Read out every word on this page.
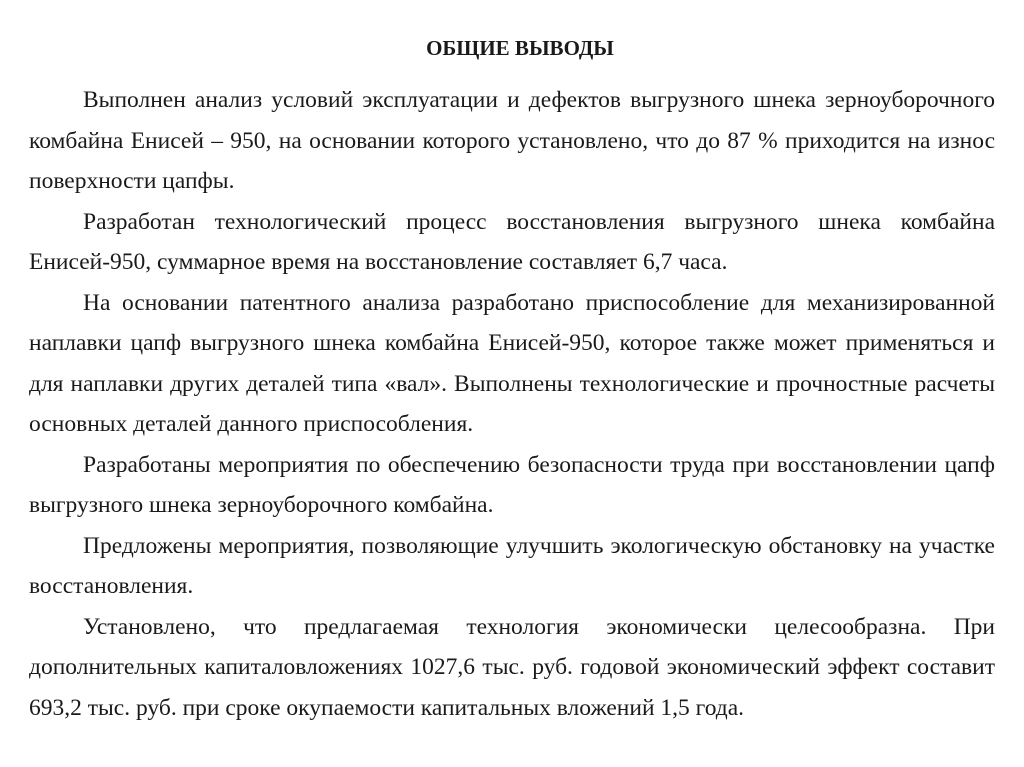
ОБЩИЕ ВЫВОДЫ

Выполнен анализ условий эксплуатации и дефектов выгрузного шнека зерноуборочного комбайна Енисей – 950, на основании которого установлено, что до 87 % приходится на износ поверхности цапфы.

Разработан технологический процесс восстановления выгрузного шнека комбайна Енисей-950, суммарное время на восстановление составляет 6,7 часа.

На основании патентного анализа разработано приспособление для механизированной наплавки цапф выгрузного шнека комбайна Енисей-950, которое также может применяться и для наплавки других деталей типа «вал». Выполнены технологические и прочностные расчеты основных деталей данного приспособления.

Разработаны мероприятия по обеспечению безопасности труда при восстановлении цапф выгрузного шнека зерноуборочного комбайна.

Предложены мероприятия, позволяющие улучшить экологическую обстановку на участке восстановления.

Установлено, что предлагаемая технология экономически целесообразна. При дополнительных капиталовложениях 1027,6 тыс. руб. годовой экономический эффект составит 693,2 тыс. руб. при сроке окупаемости капитальных вложений 1,5 года.
